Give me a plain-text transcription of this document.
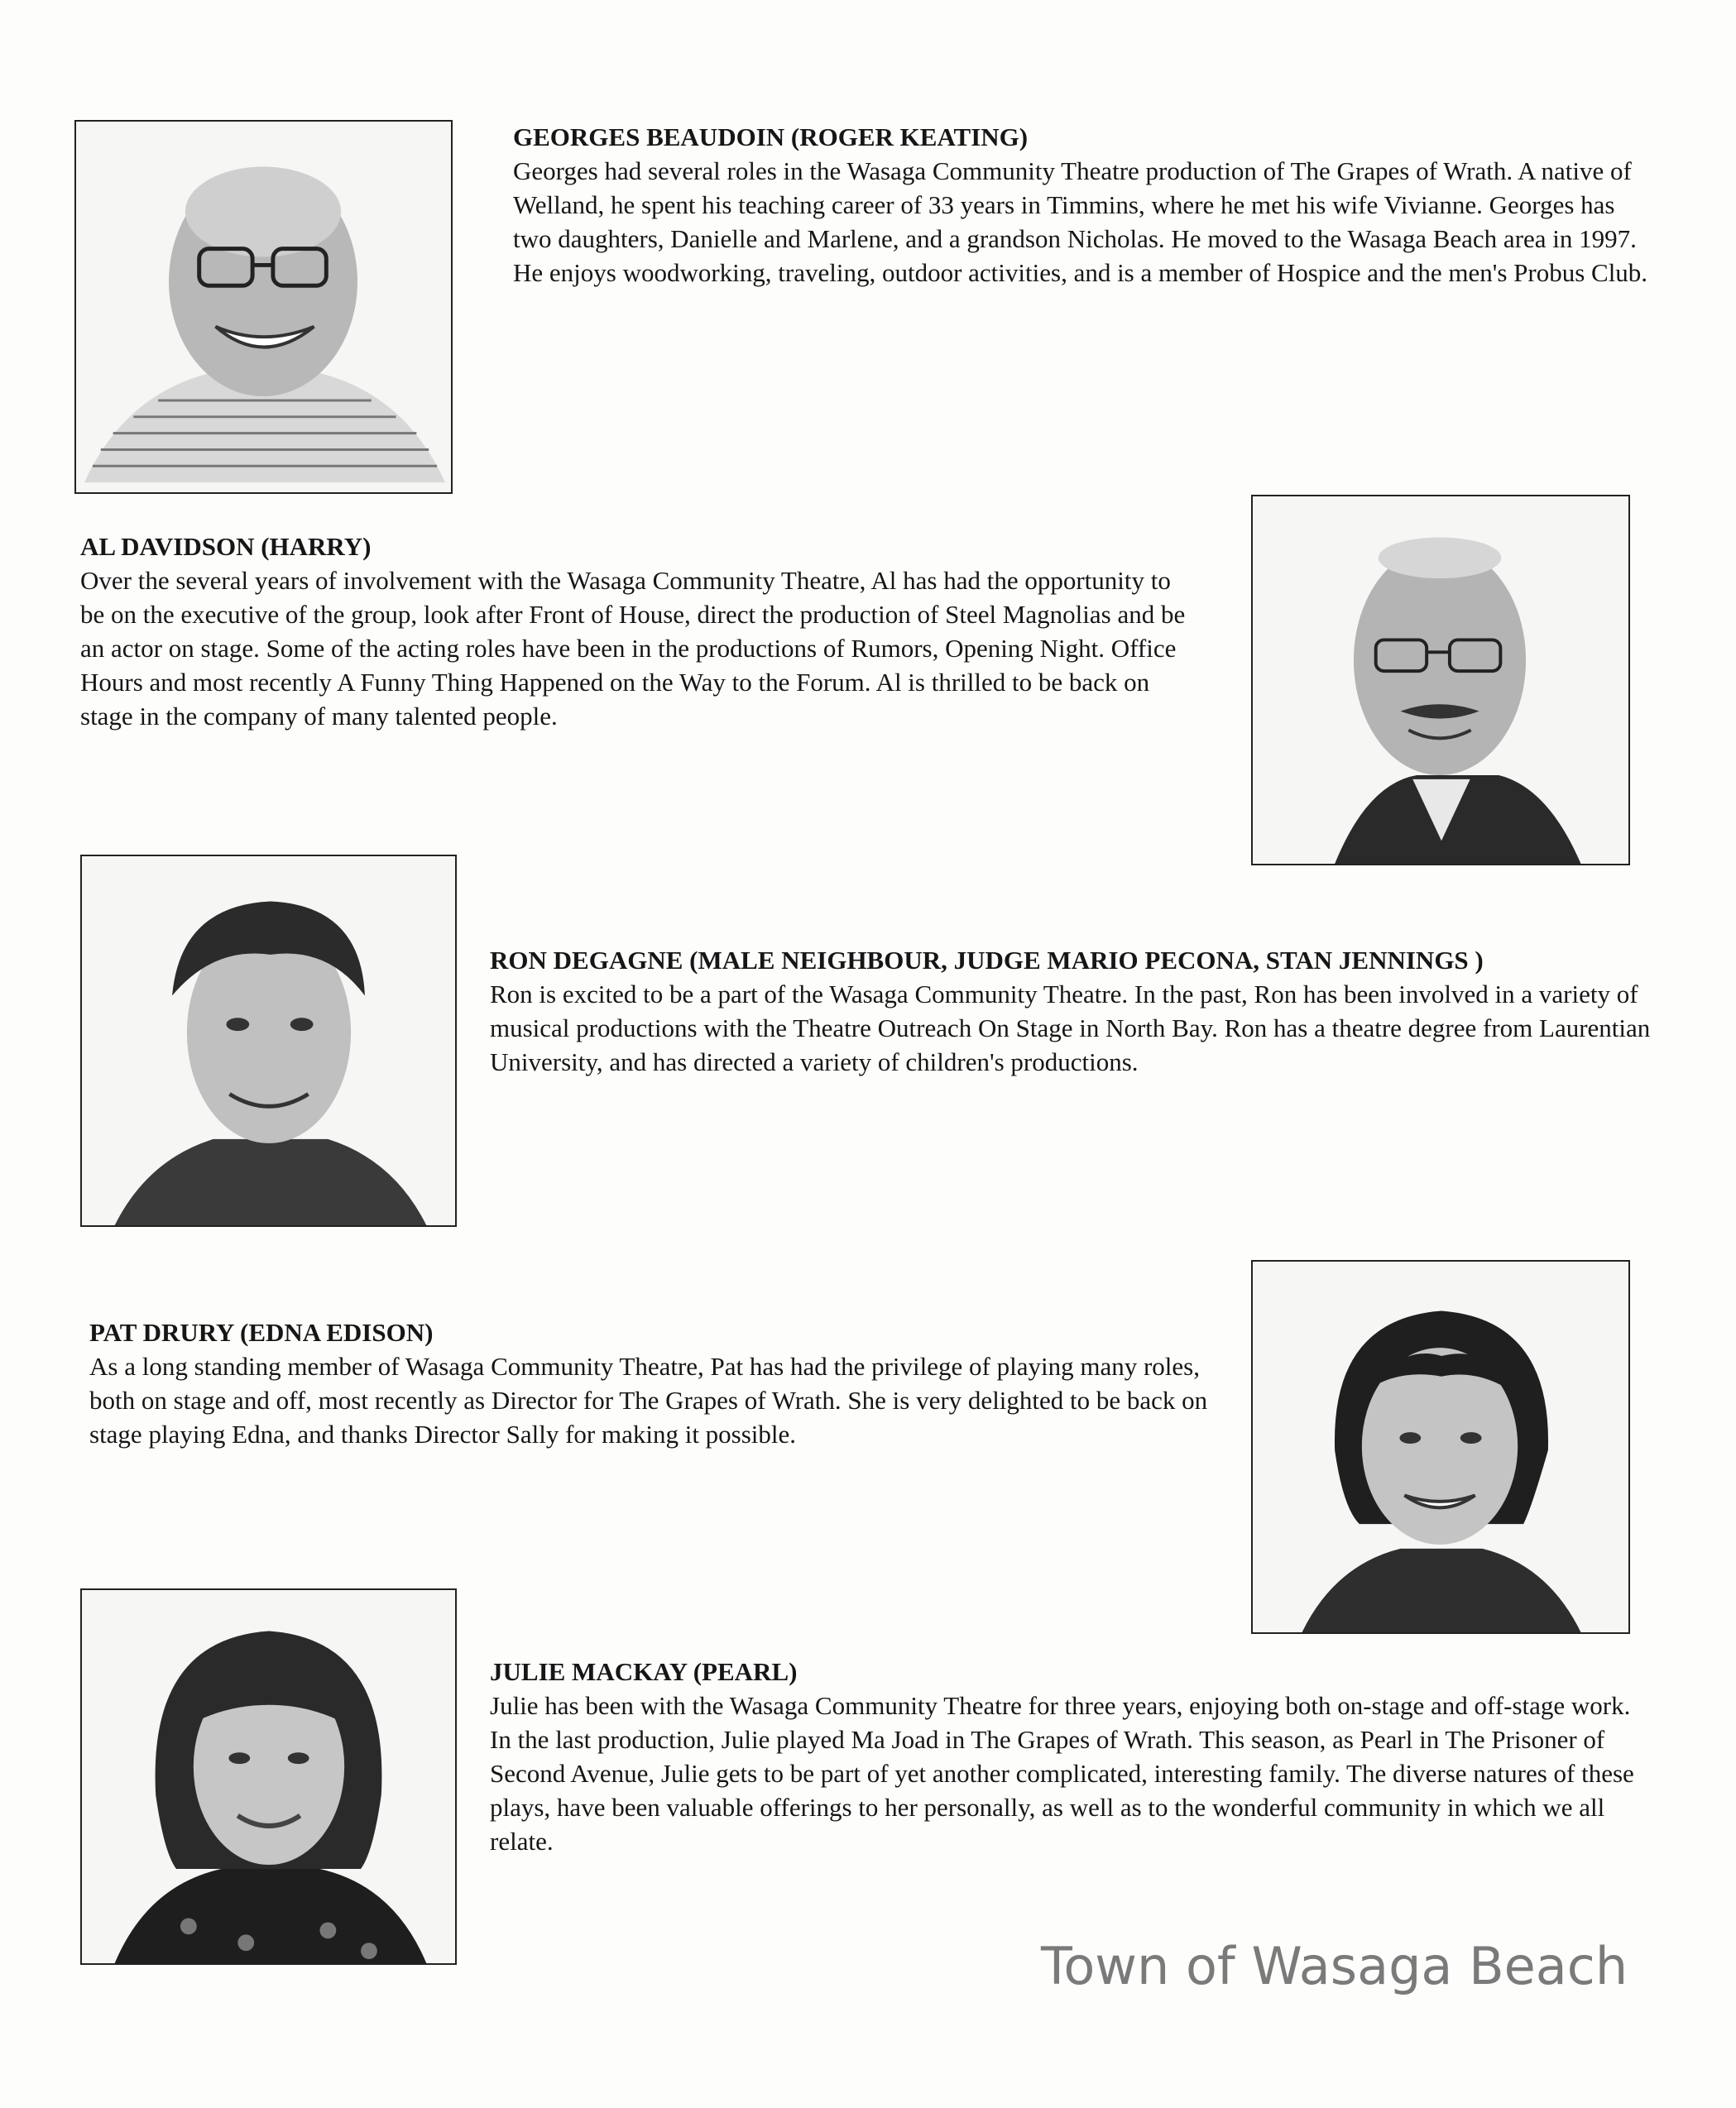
GEORGES BEAUDOIN (ROGER KEATING)
Georges had several roles in the Wasaga Community Theatre production of The Grapes of Wrath. A native of Welland, he spent his teaching career of 33 years in Timmins, where he met his wife Vivianne. Georges has two daughters, Danielle and Marlene, and a grandson Nicholas. He moved to the Wasaga Beach area in 1997. He enjoys woodworking, traveling, outdoor activities, and is a member of Hospice and the men's Probus Club.
AL DAVIDSON (HARRY)
Over the several years of involvement with the Wasaga Community Theatre, Al has had the opportunity to be on the executive of the group, look after Front of House, direct the production of Steel Magnolias and be an actor on stage. Some of the acting roles have been in the productions of Rumors, Opening Night. Office Hours and most recently A Funny Thing Happened on the Way to the Forum. Al is thrilled to be back on stage in the company of many talented people.
RON DEGAGNE (MALE NEIGHBOUR, JUDGE MARIO PECONA, STAN JENNINGS )
Ron is excited to be a part of the Wasaga Community Theatre. In the past, Ron has been involved in a variety of musical productions with the Theatre Outreach On Stage in North Bay. Ron has a theatre degree from Laurentian University, and has directed a variety of children's productions.
PAT DRURY (EDNA EDISON)
As a long standing member of Wasaga Community Theatre, Pat has had the privilege of playing many roles, both on stage and off, most recently as Director for The Grapes of Wrath. She is very delighted to be back on stage playing Edna, and thanks Director Sally for making it possible.
JULIE MACKAY (PEARL)
Julie has been with the Wasaga Community Theatre for three years, enjoying both on-stage and off-stage work. In the last production, Julie played Ma Joad in The Grapes of Wrath. This season, as Pearl in The Prisoner of Second Avenue, Julie gets to be part of yet another complicated, interesting family. The diverse natures of these plays, have been valuable offerings to her personally, as well as to the wonderful community in which we all relate.
Town of Wasaga Beach
